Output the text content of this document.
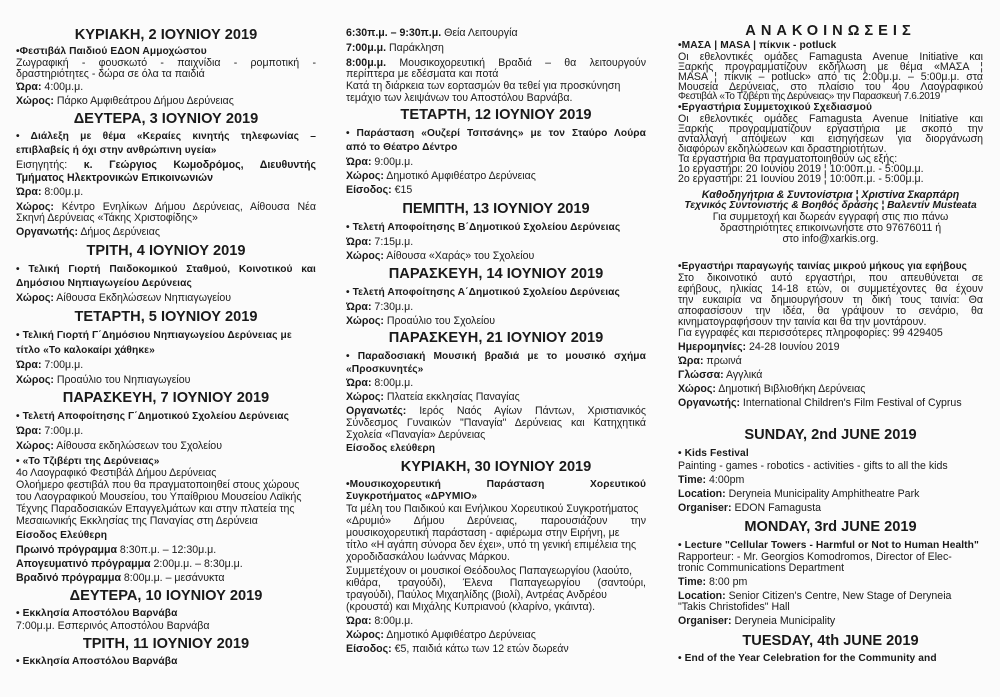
ΚΥΡΙΑΚΗ, 2 ΙΟΥΝΙΟΥ 2019
•Φεστιβάλ Παιδιού ΕΔΟΝ Αμμοχώστου
Ζωγραφική - φουσκωτό - παιχνίδια - ρομποτική -
δραστηριότητες - δώρα σε όλα τα παιδιά
Ώρα: 4:00μ.μ.
Χώρος: Πάρκο Αμφιθεάτρου Δήμου Δερύνειας
ΔΕΥΤΕΡΑ, 3 ΙΟΥΝΙΟΥ 2019
• Διάλεξη με θέμα «Κεραίες κινητής τηλεφωνίας –
επιβλαβείς ή όχι στην ανθρώπινη υγεία»
Εισηγητής: κ. Γεώργιος Κωμοδρόμος, Διευθυντής
Τμήματος Ηλεκτρονικών Επικοινωνιών
Ώρα: 8:00μ.μ.
Χώρος: Κέντρο Ενηλίκων Δήμου Δερύνειας, Αίθουσα Νέα
Σκηνή Δερύνειας «Τάκης Χριστοφίδης»
Οργανωτής: Δήμος Δερύνειας
ΤΡΙΤΗ, 4 ΙΟΥΝΙΟΥ 2019
• Τελική Γιορτή Παιδοκομικού Σταθμού, Κοινοτικού και
Δημόσιου Νηπιαγωγείου Δερύνειας
Χώρος: Αίθουσα Εκδηλώσεων Νηπιαγωγείου
ΤΕΤΑΡΤΗ, 5 ΙΟΥΝΙΟΥ 2019
• Τελική Γιορτή Γ΄Δημόσιου Νηπιαγωγείου Δερύνειας με
τίτλο «Το καλοκαίρι χάθηκε»
Ώρα: 7:00μ.μ.
Χώρος: Προαύλιο του Νηπιαγωγείου
ΠΑΡΑΣΚΕΥΗ, 7 ΙΟΥΝΙΟΥ 2019
• Τελετή Αποφοίτησης Γ΄Δημοτικού Σχολείου Δερύνειας
Ώρα: 7:00μ.μ.
Χώρος: Αίθουσα εκδηλώσεων του Σχολείου
• «Το Τζιβέρτι της Δερύνειας»
4ο Λαογραφικό Φεστιβάλ Δήμου Δερύνειας
Ολοήμερο φεστιβάλ που θα πραγματοποιηθεί στους χώρους
του Λαογραφικού Μουσείου, του Υπαίθριου Μουσείου Λαϊκής
Τέχνης Παραδοσιακών Επαγγελμάτων και στην πλατεία της
Μεσαιωνικής Εκκλησίας της Παναγίας στη Δερύνεια
Είσοδος Ελεύθερη
Πρωινό πρόγραμμα 8:30π.μ. – 12:30μ.μ.
Απογευματινό πρόγραμμα 2:00μ.μ. – 8:30μ.μ.
Βραδινό πρόγραμμα 8:00μ.μ. – μεσάνυκτα
ΔΕΥΤΕΡΑ, 10 ΙΟΥΝΙΟΥ 2019
• Εκκλησία Αποστόλου Βαρνάβα
7:00μ.μ. Εσπερινός Αποστόλου Βαρνάβα
ΤΡΙΤΗ, 11 ΙΟΥΝΙΟΥ 2019
• Εκκλησία Αποστόλου Βαρνάβα
6:30π.μ. – 9:30π.μ. Θεία Λειτουργία
7:00μ.μ. Παράκληση
8:00μ.μ. Μουσικοχορευτική Βραδιά – θα λειτουργούν
περίπτερα με εδέσματα και ποτά
Κατά τη διάρκεια των εορτασμών θα τεθεί για προσκύνηση
τεμάχιο των λειψάνων του Αποστόλου Βαρνάβα.
ΤΕΤΑΡΤΗ, 12 ΙΟΥΝΙΟΥ 2019
• Παράσταση «Ουζερί Τσιτσάνης» με τον Σταύρο Λούρα
από το Θέατρο Δέντρο
Ώρα: 9:00μ.μ.
Χώρος: Δημοτικό Αμφιθέατρο Δερύνειας
Είσοδος: €15
ΠΕΜΠΤΗ, 13 ΙΟΥΝΙΟΥ 2019
• Τελετή Αποφοίτησης Β΄Δημοτικού Σχολείου Δερύνειας
Ώρα: 7:15μ.μ.
Χώρος: Αίθουσα «Χαράς» του Σχολείου
ΠΑΡΑΣΚΕΥΗ, 14 ΙΟΥΝΙΟΥ 2019
• Τελετή Αποφοίτησης Α΄Δημοτικού Σχολείου Δερύνειας
Ώρα: 7:30μ.μ.
Χώρος: Προαύλιο του Σχολείου
ΠΑΡΑΣΚΕΥΗ, 21 ΙΟΥΝΙΟΥ 2019
• Παραδοσιακή Μουσική βραδιά με το μουσικό σχήμα
«Προσκυνητές»
Ώρα: 8:00μ.μ.
Χώρος: Πλατεία εκκλησίας Παναγίας
Οργανωτές: Ιερός Ναός Αγίων Πάντων, Χριστιανικός
Σύνδεσμος Γυναικών "Παναγία" Δερύνειας και Κατηχητικά
Σχολεία «Παναγία» Δερύνειας
Είσοδος ελεύθερη
ΚΥΡΙΑΚΗ, 30 ΙΟΥΝΙΟΥ 2019
•Μουσικοχορευτική Παράσταση Χορευτικού
Συγκροτήματος «ΔΡΥΜΙΟ»
Τα μέλη του Παιδικού και Ενήλικου Χορευτικού Συγκροτήματος
«Δρυμιό» Δήμου Δερύνειας, παρουσιάζουν την
μουσικοχορευτική παράσταση - αφιέρωμα στην Ειρήνη, με
τίτλο «Η αγάπη σύνορα δεν έχει», υπό τη γενική επιμέλεια της
χοροδιδασκάλου Ιωάννας Μάρκου.
Συμμετέχουν οι μουσικοί Θεόδουλος Παπαγεωργίου (λαούτο,
κιθάρα, τραγούδι), Έλενα Παπαγεωργίου (σαντούρι,
τραγούδι), Παύλος Μιχαηλίδης (βιολί), Αντρέας Ανδρέου
(κρουστά) και Μιχάλης Κυπριανού (κλαρίνο, γκάιντα).
Ώρα: 8:00μ.μ.
Χώρος: Δημοτικό Αμφιθέατρο Δερύνειας
Είσοδος: €5, παιδιά κάτω των 12 ετών δωρεάν
ΑΝΑΚΟΙΝΩΣΕΙΣ
•ΜΑΣΑ | MASA | πίκνικ - potluck
Οι εθελοντικές ομάδες Famagusta Avenue Initiative και
Ξαρκής προγραμματίζουν εκδήλωση με θέμα «ΜΑΣΑ ¦
MASA ¦ πίκνικ – potluck» από τις 2:00μ.μ. – 5:00μ.μ. στα
Μουσεία Δερύνειας, στο πλαίσιο του 4ου Λαογραφικού
Φεστιβάλ «Το Τζιβέρτι της Δερύνειας» την Παρασκευή 7.6.2019
•Εργαστήρια Συμμετοχικού Σχεδιασμού
Οι εθελοντικές ομάδες Famagusta Avenue Initiative και
Ξαρκής προγραμματίζουν εργαστήρια με σκοπό την
ανταλλαγή απόψεων και εισηγήσεων για διοργάνωση
διαφόρων εκδηλώσεων και δραστηριοτήτων.
Τα εργαστήρια θα πραγματοποιηθούν ως εξής:
1ο εργαστήρι: 20 Ιουνίου 2019 ¦ 10:00π.μ. - 5:00μ.μ.
2ο εργαστήρι: 21 Ιουνίου 2019 ¦ 10:00π.μ. - 5:00μ.μ.
Καθοδηγήτρια & Συντονίστρια ¦ Χριστίνα Σκαρπάρη
Τεχνικός Συντονιστής & Βοηθός δράσης ¦ Βαλεντίν Musteata
Για συμμετοχή και δωρεάν εγγραφή στις πιο πάνω
δραστηριότητες επικοινωνήστε στο 97676011 ή
στο info@xarkis.org.
•Εργαστήρι παραγωγής ταινίας μικρού μήκους για εφήβους
Στο δικοινοτικό αυτό εργαστήρι, που απευθύνεται σε
εφήβους, ηλικίας 14-18 ετών, οι συμμετέχοντες θα έχουν
την ευκαιρία να δημιουργήσουν τη δική τους ταινία: Θα
αποφασίσουν την ιδέα, θα γράψουν το σενάριο, θα
κινηματογραφήσουν την ταινία και θα την μοντάρουν.
Για εγγραφές και περισσότερες πληροφορίες: 99 429405
Ημερομηνίες: 24-28 Ιουνίου 2019
Ώρα: πρωινά
Γλώσσα: Αγγλικά
Χώρος: Δημοτική Βιβλιοθήκη Δερύνειας
Οργανωτής: International Children's Film Festival of Cyprus
SUNDAY, 2nd JUNE 2019
• Kids Festival
Painting - games - robotics - activities - gifts to all the kids
Time: 4:00pm
Location: Deryneia Municipality Amphitheatre Park
Organiser: EDON Famagusta
MONDAY, 3rd JUNE 2019
• Lecture "Cellular Towers - Harmful or Not to Human Health"
Rapporteur: - Mr. Georgios Komodromos, Director of Elec-
tronic Communications Department
Time: 8:00 pm
Location: Senior Citizen's Centre, New Stage of Deryneia
"Takis Christofides" Hall
Organiser: Deryneia Municipality
TUESDAY, 4th JUNE 2019
• End of the Year Celebration for the Community and
